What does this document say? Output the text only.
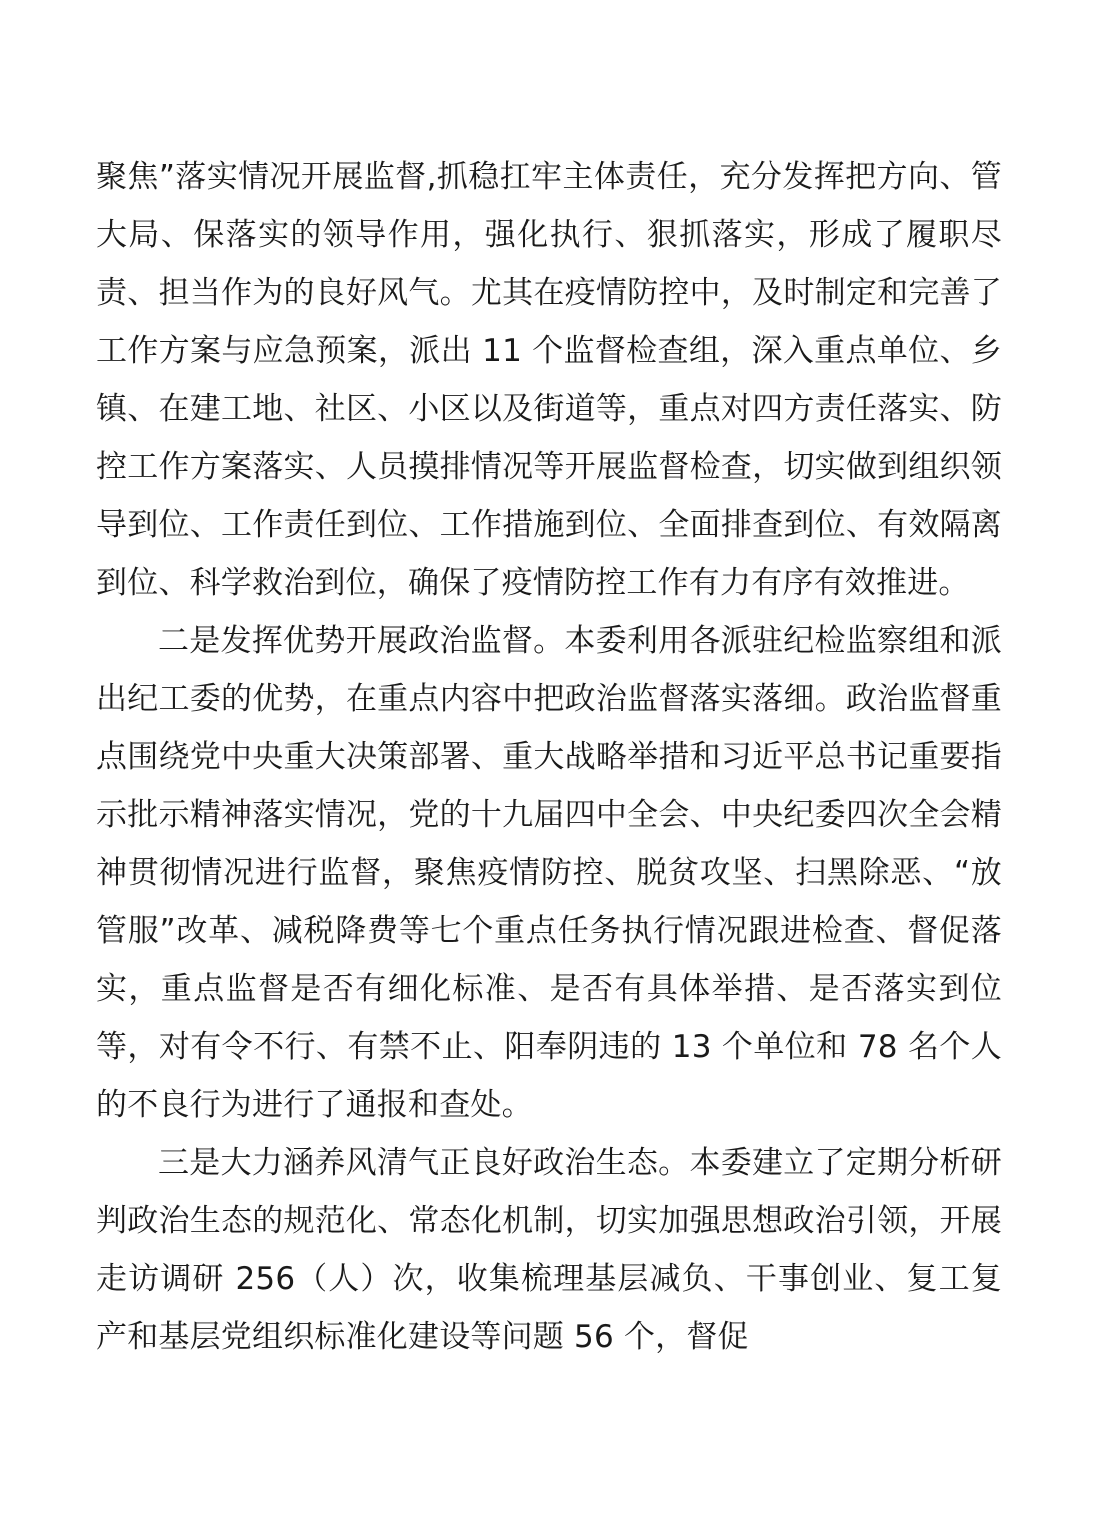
聚焦”落实情况开展监督,抓稳扛牢主体责任，充分发挥把方向、管大局、保落实的领导作用，强化执行、狠抓落实，形成了履职尽责、担当作为的良好风气。尤其在疫情防控中，及时制定和完善了工作方案与应急预案，派出 11 个监督检查组，深入重点单位、乡镇、在建工地、社区、小区以及街道等，重点对四方责任落实、防控工作方案落实、人员摸排情况等开展监督检查，切实做到组织领导到位、工作责任到位、工作措施到位、全面排查到位、有效隔离到位、科学救治到位，确保了疫情防控工作有力有序有效推进。

二是发挥优势开展政治监督。本委利用各派驻纪检监察组和派出纪工委的优势，在重点内容中把政治监督落实落细。政治监督重点围绕党中央重大决策部署、重大战略举措和习近平总书记重要指示批示精神落实情况，党的十九届四中全会、中央纪委四次全会精神贯彻情况进行监督，聚焦疫情防控、脱贫攻坚、扫黑除恶、“放管服”改革、减税降费等七个重点任务执行情况跟进检查、督促落实，重点监督是否有细化标准、是否有具体举措、是否落实到位等，对有令不行、有禁不止、阳奉阴违的 13 个单位和 78 名个人的不良行为进行了通报和查处。

三是大力涵养风清气正良好政治生态。本委建立了定期分析研判政治生态的规范化、常态化机制，切实加强思想政治引领，开展走访调研 256（人）次，收集梳理基层减负、干事创业、复工复产和基层党组织标准化建设等问题 56 个，督促
